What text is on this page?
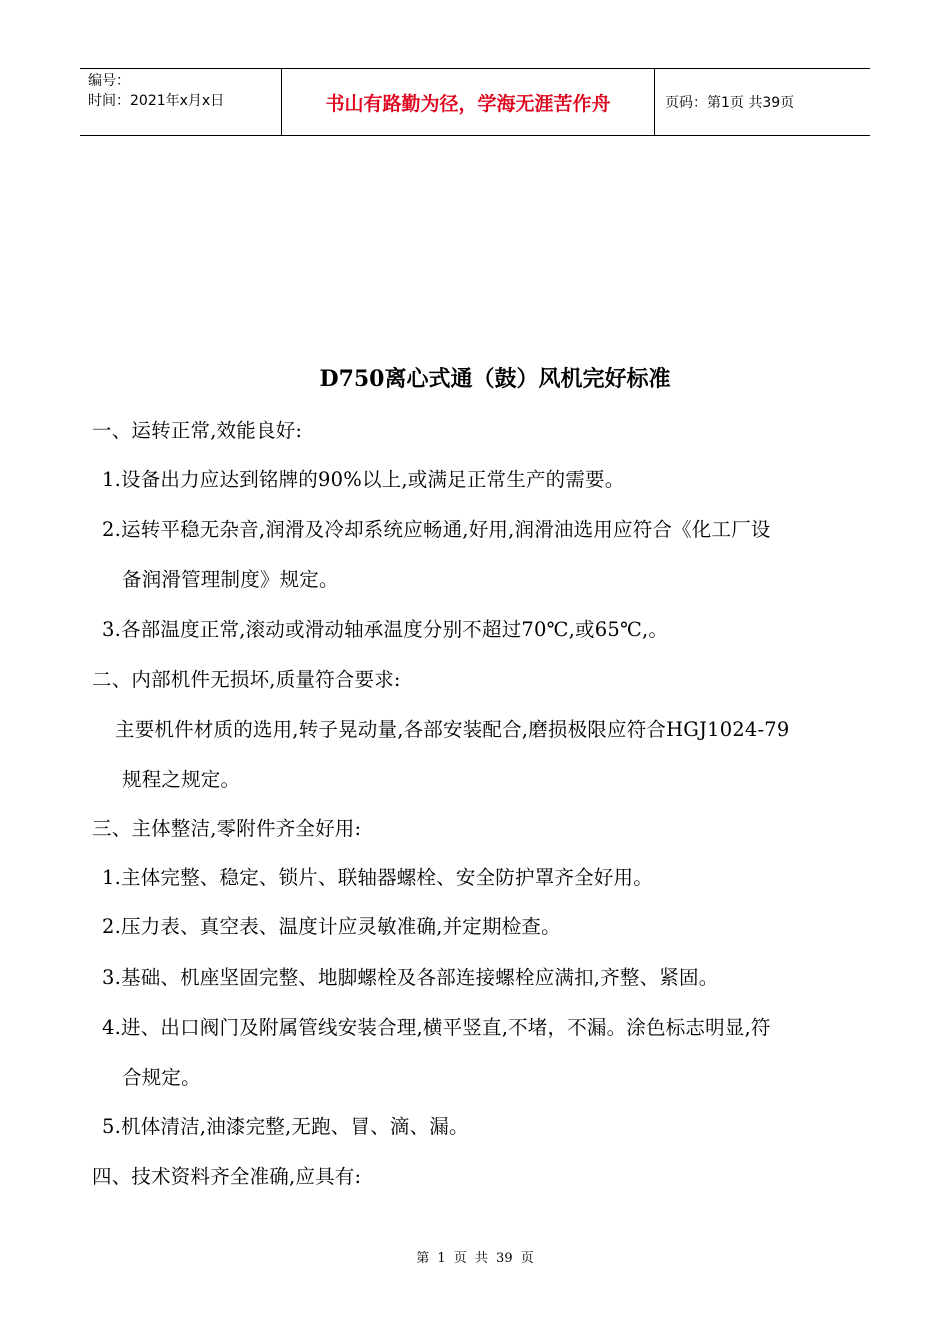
编号：
时间：2021年x月x日	书山有路勤为径，学海无涯苦作舟	页码：第1页 共39页
D750离心式通（鼓）风机完好标准
一、运转正常,效能良好:
1.设备出力应达到铭牌的90%以上,或满足正常生产的需要。
2.运转平稳无杂音,润滑及冷却系统应畅通,好用,润滑油选用应符合《化工厂设
备润滑管理制度》规定。
3.各部温度正常,滚动或滑动轴承温度分别不超过70℃,或65℃,。
二、内部机件无损坏,质量符合要求:
主要机件材质的选用,转子晃动量,各部安装配合,磨损极限应符合HGJ1024-79
规程之规定。
三、主体整洁,零附件齐全好用:
1.主体完整、稳定、锁片、联轴器螺栓、安全防护罩齐全好用。
2.压力表、真空表、温度计应灵敏准确,并定期检查。
3.基础、机座坚固完整、地脚螺栓及各部连接螺栓应满扣,齐整、紧固。
4.进、出口阀门及附属管线安装合理,横平竖直,不堵，不漏。涂色标志明显,符
合规定。
5.机体清洁,油漆完整,无跑、冒、滴、漏。
四、技术资料齐全准确,应具有:
第 1 页 共 39 页
